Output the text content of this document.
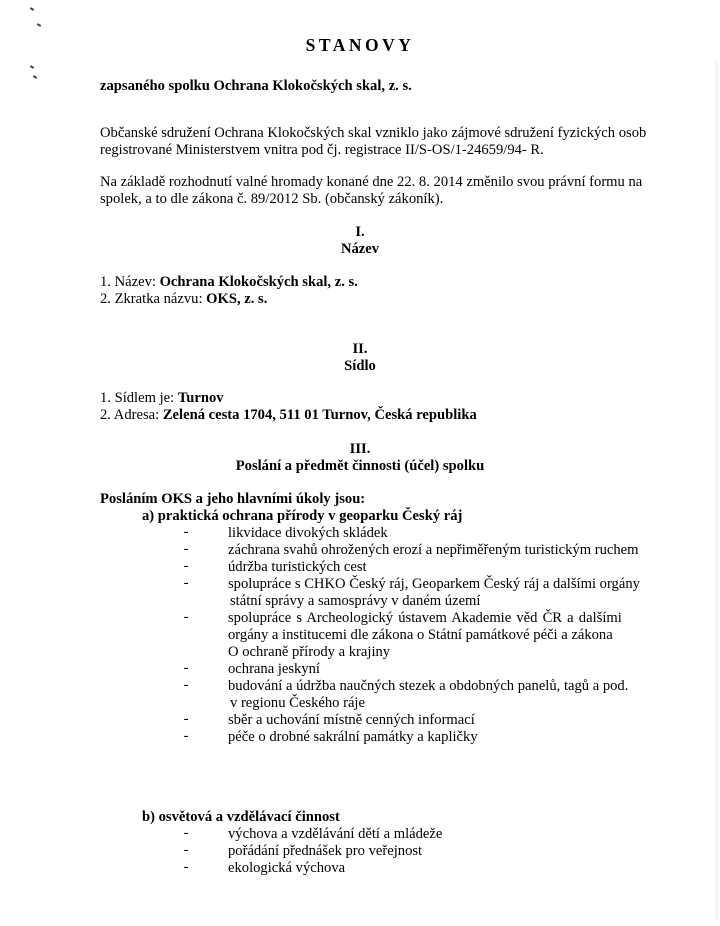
STANOVY
zapsaného spolku Ochrana Klokočských skal, z. s.
Občanské sdružení Ochrana Klokočských skal vzniklo jako zájmové sdružení fyzických osob
registrované Ministerstvem vnitra pod čj. registrace II/S-OS/1-24659/94- R.
Na základě rozhodnutí valné hromady konané dne 22. 8. 2014 změnilo svou právní formu na
spolek, a to dle zákona č. 89/2012 Sb. (občanský zákoník).
I.
Název
1. Název: Ochrana Klokočských skal, z. s.
2. Zkratka názvu: OKS, z. s.
II.
Sídlo
1. Sídlem je: Turnov
2. Adresa: Zelená cesta 1704, 511 01 Turnov, Česká republika
III.
Poslání a předmět činnosti (účel) spolku
Posláním OKS a jeho hlavními úkoly jsou:
a) praktická ochrana přírody v geoparku Český ráj
-	likvidace divokých skládek
-	záchrana svahů ohrožených erozí a nepřiměřeným turistickým ruchem
-	údržba turistických cest
-	spolupráce s CHKO Český ráj, Geoparkem Český ráj a dalšími orgány
státní správy a samosprávy v daném území
-	spolupráce s Archeologický ústavem Akademie věd ČR a dalšími
orgány a institucemi dle zákona o Státní památkové péči a zákona
O ochraně přírody a krajiny
-	ochrana jeskyní
-	budování a údržba naučných stezek a obdobných panelů, tagů a pod.
v regionu Českého ráje
-	sběr a uchování místně cenných informací
-	péče o drobné sakrální památky a kapličky
b) osvětová a vzdělávací činnost
-	výchova a vzdělávání dětí a mládeže
-	pořádání přednášek pro veřejnost
-	ekologická výchova
